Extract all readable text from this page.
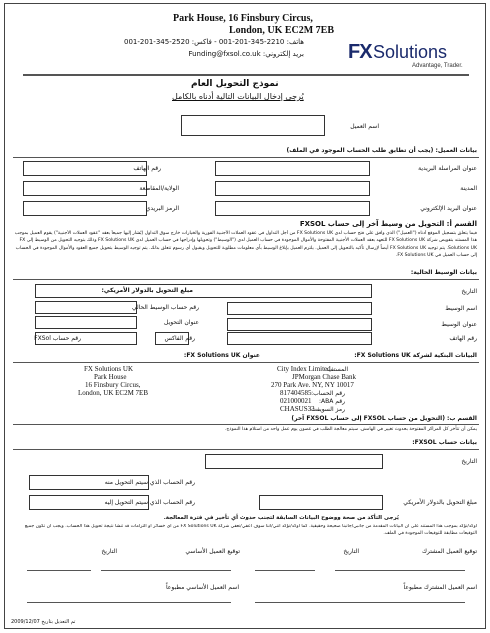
Park House, 16 Finsbury Circus,
London, UK EC2M 7EB
هاتف: 2210-345-201-001 - فاكس: 2520-345-201-001
بريد إلكتروني: Funding@fxsol.co.uk FX Solutions
Advantage, Trader.
نموذج التحويل العام
يُرجى إدخال البيانات التالية أدناه بالكامل
اسم العميل
بيانات العميل: (يجب أن تطابق طلب الحساب الموجود في الملف)
عنوان المراسلة البريدية
رقم الهاتف
المدينة
الولاية/المقاطعة
عنوان البريد الإلكتروني
الرمز البريدي
القسم أ: التحويل من وسيط آخر إلى حساب FXSOL
فيما يتعلق بتسجيل الموقع أدناه ("العميل") الذي وافق على فتح حساب لدى FX Solutions UK من أجل التداول في عقود العملات الأجنبية الفورية والخيارات خارج سوق التداول (يُشار إليها جميعاً بعقد "عقود العملات الأجنبية") يقوم العميل بموجب هذا المستند بتفويض شركة FX Solutions UK للتعهد بعقد العملات الأجنبية المفتوحة والأموال الموجودة في حساب العميل لدى ("الوسيط") وتحويلها وإدراجها في حساب العميل لدى FX Solutions UK وذلك بتوجيه التحويل من الوسيط إلى FX Solutions UK. يتم توجيه FX Solutions UK أيضاً لإرسال تأكيد بالتحويل إلى العميل. يلتزم العميل بإبلاغ الوسيط بأي معلومات مطلوبة للتحويل وبقبول أي رسوم تتعلق بذلك. يتم توجيه الوسيط بتحويل جميع العقود والأموال الموجودة في الحساب إلى حساب العميل في FX Solutions UK.
بيانات الوسيط الحالية:
التاريخ
اسم الوسيط
عنوان الوسيط
رقم الهاتف
مبلغ التحويل بالدولار الأمريكي:
رقم حساب الوسيط الحالي
عنوان التحويل
رقم الفاكس
رقم حساب FXSol
البيانات البنكية لشركة FX Solutions UK:
عنوان FX Solutions UK:
المستفيد:
City Index Limited
JPMorgan Chase Bank
270 Park Ave. NY, NY 10017
رقم الحساب:
817404585
رقم ABA:
021000021
رمز السويفت:
CHASUS33
FX Solutions UK
Park House
16 Finsbury Circus,
London, UK EC2M 7EB
القسم ب: (التحويل من حساب FXSOL إلى حساب FXSOL آخر)
يمكن أن تتأخر كل المراكز المفتوحة بحدوث تغيير في الهامش. سيتم معالجة الطلب في غضون يوم عمل واحد من استلام هذا النموذج.
بيانات حساب FXSOL:
التاريخ
رقم الحساب الذي سيتم التحويل منه
رقم الحساب الذي سيتم التحويل إليه	مبلغ التحويل بالدولار الأمريكي
يُرجى التأكد من صحة ووضوح البيانات السابقة لتجنب حدوث أي تأخير في فترة المعالجة.
أوكد/نؤكد بموجب هذا المستند على أن البيانات المقدمة من جانبي/جانبنا صحيحة وحقيقية. كما أوكد/نؤكد أنني/أننا سوف أعفي/نعفي شركة FX Solutions UK من أي خسائر أو التزامات قد تنشأ نتيجة تحويل هذا الحساب. ويجب أن تكون جميع التوقيعات مطابقة للتوقيعات الموجودة في الملف.
توقيع العميل المشترك
التاريخ
توقيع العميل الأساسي
التاريخ
اسم العميل المشترك مطبوعاً
اسم العميل الأساسي مطبوعاً
تم التعديل بتاريخ 2009/12/07
